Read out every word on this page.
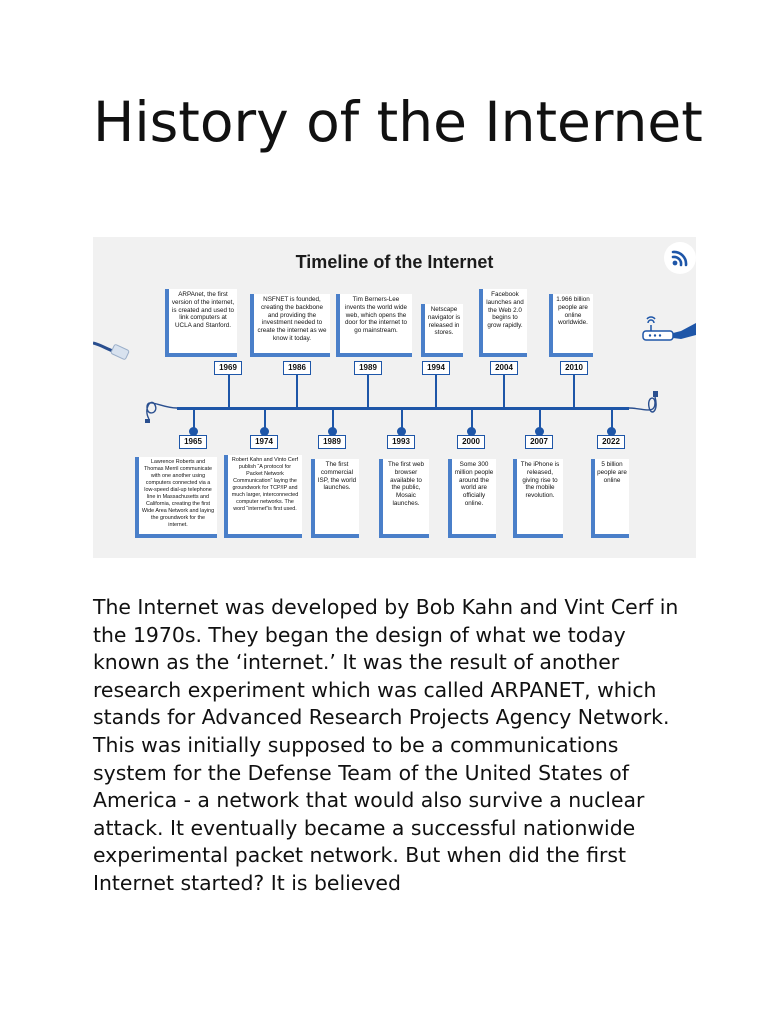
History of the Internet
Timeline of the Internet
1969
ARPAnet, the first version of the internet, is created and used to link computers at UCLA and Stanford.
1986
NSFNET is founded, creating the backbone and providing the investment needed to create the internet as we know it today.
1989
Tim Berners-Lee invents the world wide web, which opens the door for the internet to go mainstream.
1994
Netscape navigator is released in stores.
2004
Facebook launches and the Web 2.0 begins to grow rapidly.
2010
1.966 billion people are online worldwide.
1965
Lawrence Roberts and Thomas Merril communicate with one another using computers connected via a low-speed dial-up telephone line in Massachusetts and California, creating the first Wide Area Network and laying the groundwork for the internet.
1974
Robert Kahn and Vinto Cerf publish “A protocol for Packet Network Communication” laying the groundwork for TCP/IP and much larger, interconnected computer networks. The word “internet”is first used.
1989
The first commercial ISP, the world launches.
1993
The first web browser available to the public, Mosaic launches.
2000
Some 300 million people around the world are officially online.
2007
The iPhone is released, giving rise to the mobile revolution.
2022
5 billion people are online

The Internet was developed by Bob Kahn and Vint Cerf in the 1970s. They began the design of what we today known as the ‘internet.’ It was the result of another research experiment which was called ARPANET, which stands for Advanced Research Projects Agency Network. This was initially supposed to be a communications system for the Defense Team of the United States of America - a network that would also survive a nuclear attack. It eventually became a successful nationwide experimental packet network. But when did the first Internet started? It is believed
